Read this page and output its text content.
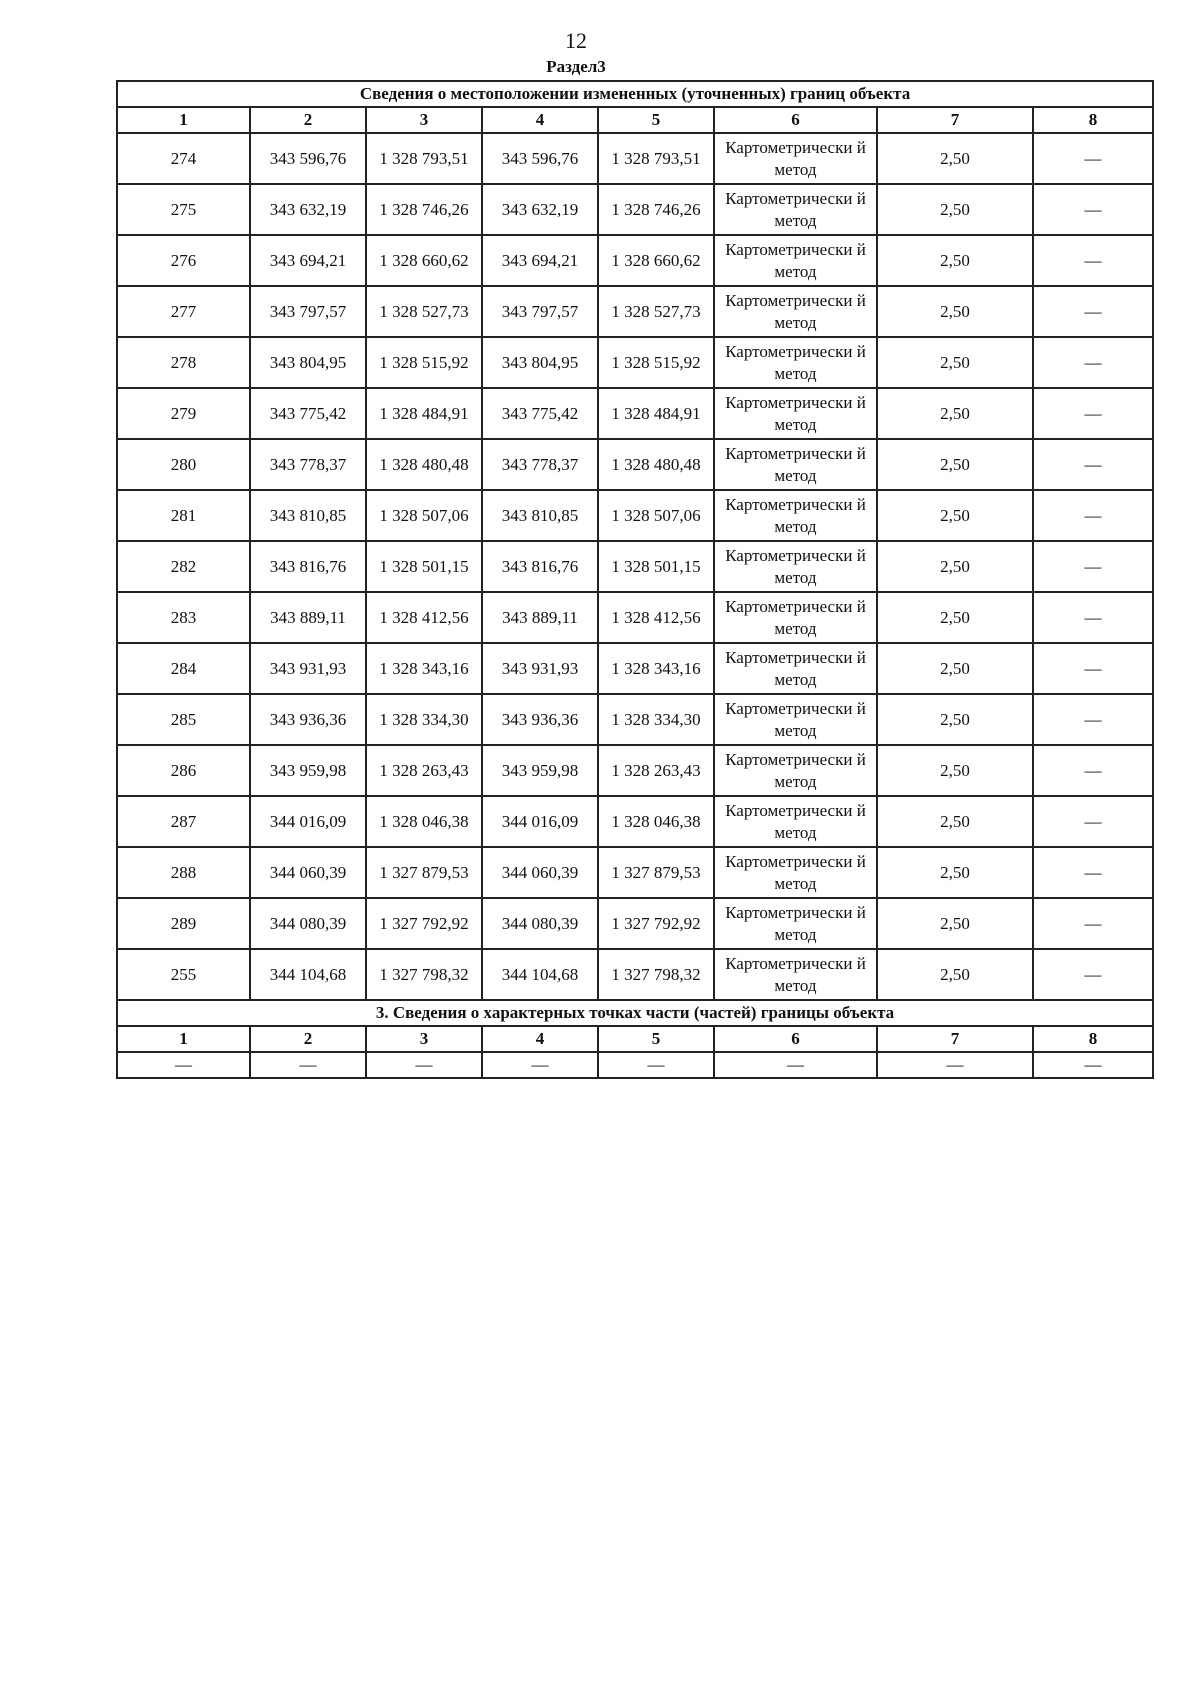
12
Раздел3
Сведения о местоположении измененных (уточненных) границ объекта							
1	2	3	4	5	6	7	8
274	343 596,76	1 328 793,51	343 596,76	1 328 793,51	Картометрически й метод	2,50	—
275	343 632,19	1 328 746,26	343 632,19	1 328 746,26	Картометрически й метод	2,50	—
276	343 694,21	1 328 660,62	343 694,21	1 328 660,62	Картометрически й метод	2,50	—
277	343 797,57	1 328 527,73	343 797,57	1 328 527,73	Картометрически й метод	2,50	—
278	343 804,95	1 328 515,92	343 804,95	1 328 515,92	Картометрически й метод	2,50	—
279	343 775,42	1 328 484,91	343 775,42	1 328 484,91	Картометрически й метод	2,50	—
280	343 778,37	1 328 480,48	343 778,37	1 328 480,48	Картометрически й метод	2,50	—
281	343 810,85	1 328 507,06	343 810,85	1 328 507,06	Картометрически й метод	2,50	—
282	343 816,76	1 328 501,15	343 816,76	1 328 501,15	Картометрически й метод	2,50	—
283	343 889,11	1 328 412,56	343 889,11	1 328 412,56	Картометрически й метод	2,50	—
284	343 931,93	1 328 343,16	343 931,93	1 328 343,16	Картометрически й метод	2,50	—
285	343 936,36	1 328 334,30	343 936,36	1 328 334,30	Картометрически й метод	2,50	—
286	343 959,98	1 328 263,43	343 959,98	1 328 263,43	Картометрически й метод	2,50	—
287	344 016,09	1 328 046,38	344 016,09	1 328 046,38	Картометрически й метод	2,50	—
288	344 060,39	1 327 879,53	344 060,39	1 327 879,53	Картометрически й метод	2,50	—
289	344 080,39	1 327 792,92	344 080,39	1 327 792,92	Картометрически й метод	2,50	—
255	344 104,68	1 327 798,32	344 104,68	1 327 798,32	Картометрически й метод	2,50	—
3. Сведения о характерных точках части (частей) границы объекта							
1	2	3	4	5	6	7	8
—	—	—	—	—	—	—	—
